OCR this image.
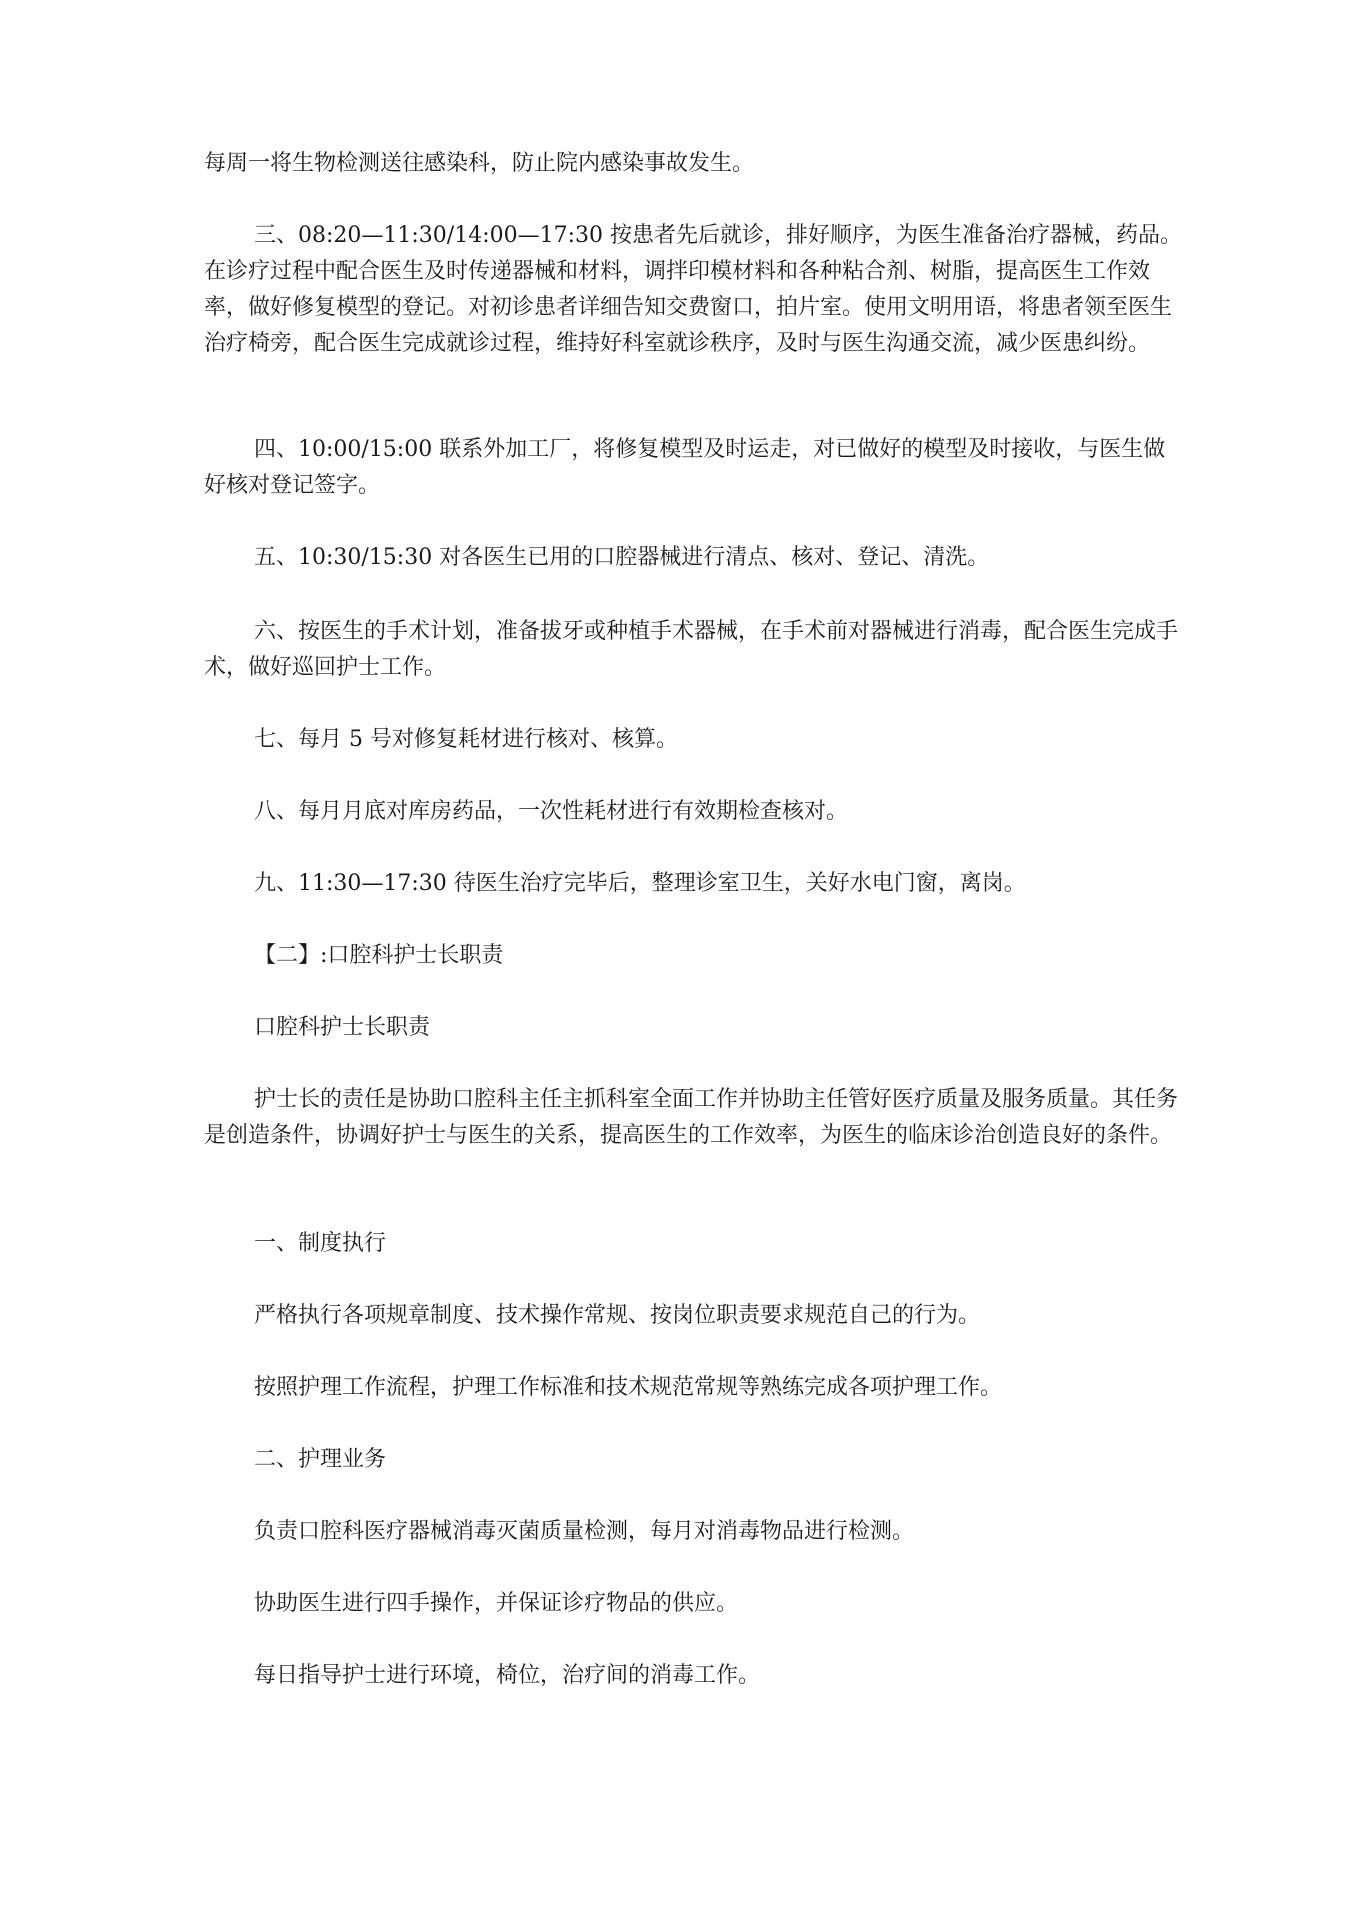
每周一将生物检测送往感染科，防止院内感染事故发生。

三、08:20—11:30/14:00—17:30 按患者先后就诊，排好顺序，为医生准备治疗器械，药品。在诊疗过程中配合医生及时传递器械和材料，调拌印模材料和各种粘合剂、树脂，提高医生工作效率，做好修复模型的登记。对初诊患者详细告知交费窗口，拍片室。使用文明用语，将患者领至医生治疗椅旁，配合医生完成就诊过程，维持好科室就诊秩序，及时与医生沟通交流，减少医患纠纷。

四、10:00/15:00 联系外加工厂，将修复模型及时运走，对已做好的模型及时接收，与医生做好核对登记签字。

五、10:30/15:30 对各医生已用的口腔器械进行清点、核对、登记、清洗。

六、按医生的手术计划，准备拔牙或种植手术器械，在手术前对器械进行消毒，配合医生完成手术，做好巡回护士工作。

七、每月 5 号对修复耗材进行核对、核算。

八、每月月底对库房药品，一次性耗材进行有效期检查核对。

九、11:30—17:30 待医生治疗完毕后，整理诊室卫生，关好水电门窗，离岗。

【二】:口腔科护士长职责

口腔科护士长职责

护士长的责任是协助口腔科主任主抓科室全面工作并协助主任管好医疗质量及服务质量。其任务是创造条件，协调好护士与医生的关系，提高医生的工作效率，为医生的临床诊治创造良好的条件。

一、制度执行

严格执行各项规章制度、技术操作常规、按岗位职责要求规范自己的行为。

按照护理工作流程，护理工作标准和技术规范常规等熟练完成各项护理工作。

二、护理业务

负责口腔科医疗器械消毒灭菌质量检测，每月对消毒物品进行检测。

协助医生进行四手操作，并保证诊疗物品的供应。

每日指导护士进行环境，椅位，治疗间的消毒工作。
